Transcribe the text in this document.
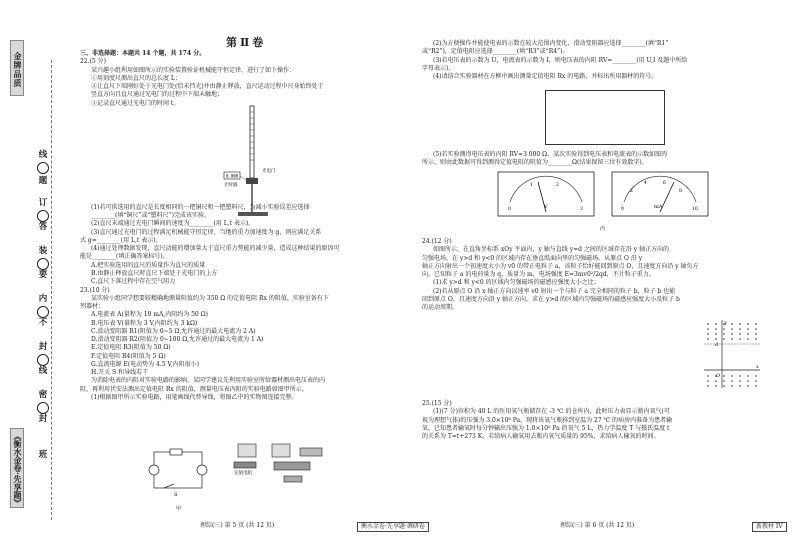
金牌品质
《衡水金卷·先享题》
线
题
订
答
装
要
内
不
封
线
密
封
班
第Ⅱ卷

三、非选择题：本题共 14 个题，共 174 分。

22.(5 分)

某兴趣小组利用如图所示的实验装置验证机械能守恒定律，进行了如下操作：

①用刻度尺测出直尺的总长度 L；

②让直尺下端刚好处于光电门处(恰未挡光)并由静止释放，直尺运动过程中尺身始终处于

竖直方向且直尺通过光电门的过程中下端未触地；

③记录直尺通过光电门的时间 t。

(1)若可供选用的直尺是长度相同的一把铜尺和一把塑料尺，为减小实验误差应选择

________(填“铜尺”或“塑料尺”)完成该实验。

(2)直尺末端通过光电门瞬间的速度为________(用 L,t 表示)。

(3)直尺通过光电门的过程满足机械能守恒定律，当地的重力加速度为 g，则应满足关系

式 g=________(用 L,t 表示)。

(4)通过处理数据发现，直尺动能的增加量大于直尺重力势能的减少量，造成这种结果的原因可

能是________(填正确答案标号)。

A.把实验选用的直尺的质量作为直尺的质量

B.由静止释放直尺时直尺下端处于光电门的上方

C.直尺下落过程中存在空气阻力

23.(10 分)

某实验小组同学想要较精确地测量阻值约为 350 Ω 的定值电阻 Rx 的阻值，实验室备有下

列器材：

A.电流表 A(量程为 10 mA,内阻约为 50 Ω)

B.电压表 V(量程为 3 V,内阻约为 3 kΩ)

C.滑动变阻器 R1(阻值为 0~5 Ω,允许通过的最大电流为 2 A)

D.滑动变阻器 R2(阻值为 0~100 Ω,允许通过的最大电流为 1 A)

E.定值电阻 R3(阻值为 50 Ω)

F.定值电阻 R4(阻值为 5 Ω)

G.直流电源 E(电动势为 4.5 V,内阻很小)

H.开关 S 和导线若干

为消除电表的内阻对实验电路的影响，某同学建议先利用实验室所给器材测出电压表的内

阻，再利用伏安法测出定值电阻 Rx 的阻值，测量电压表内阻的实验电路如图甲所示。

(1)根据图甲所示实验电路，用笔画线代替导线，将图乙中的实物图连接完整。

0.000
计时器
光电门
S
甲
定值电阻

(2)为方便操作并能使电表的示数在较大范围内变化，滑动变阻器应选择________(填“R1”

或“R2”)，定值电阻应选择________(填“R3”或“R4”)。

(3)若电压表的示数为 U，电流表的示数为 I，则电压表的内阻 RV=________(用 U,I 及题中所给

字母表示)。

(4)请结合实验器材在方框中画出测量定值电阻 Rx 的电路，并标出所用器材的符号。

(5)若实验测得电压表的内阻 RV=3 000 Ω，某次实验得到电压表和电流表的示数如图丙

所示，则由此数据可得到测得定值电阻的阻值为________Ω(结果保留三位有效数字)。

0
1	2
3
V	0
2
4	6
8
10
mA
丙

24.(12 分)

如图所示，在直角坐标系 xOy 平面内，y 轴与直线 y=d 之间的区域存在沿 y 轴正方向的

匀强电场，在 y>d 和 y<0 的区域内存在垂直纸面向里的匀强磁场。从原点 O 沿 y

轴正方向射出一个初速度大小为 v0 的带正电粒子 a，该粒子恰好能回到原点 O，且速度方向沿 y 轴负方

向。已知粒子 a 的电荷量为 q，质量为 m，电场强度 E=3mv0²/2qd，不计粒子重力。

(1)求 y>d 和 y<0 的区域内匀强磁场的磁感应强度大小之比；

(2)若从原点 O 沿 x 轴正方向以速率 v0 射出一个与粒子 a 完全相同的粒子 b，粒子 b 也能

回到原点 O，且速度方向沿 y 轴正方向，求在 y>d 的区域内匀强磁场的磁感应强度大小及粒子 b

的运动周期。

y
x
d
O

25.(15 分)

(1)(7 分)容积为 40 L 的医用氧气瓶储存在 -3 ℃ 的仓库内，此时压力表显示瓶内氧气(可

视为理想气体)的压强为 3.0×10⁶ Pa。现将该氧气瓶移到室温为 27 ℃ 的病房内准备为患者输

氧，已知患者输氧时每分钟输出压强为 1.0×10⁵ Pa 的氧气 5 L，热力学温度 T 与摄氏温度 t

的关系为 T=t+273 K，若给病人输氧用去瓶内氧气质量的 95%，求给病人输氧的时间。

理综(三) 第 5 页 (共 12 页)	衡水金卷·先享题·调研卷	理综(三) 第 6 页 (共 12 页)	新教材 IV
